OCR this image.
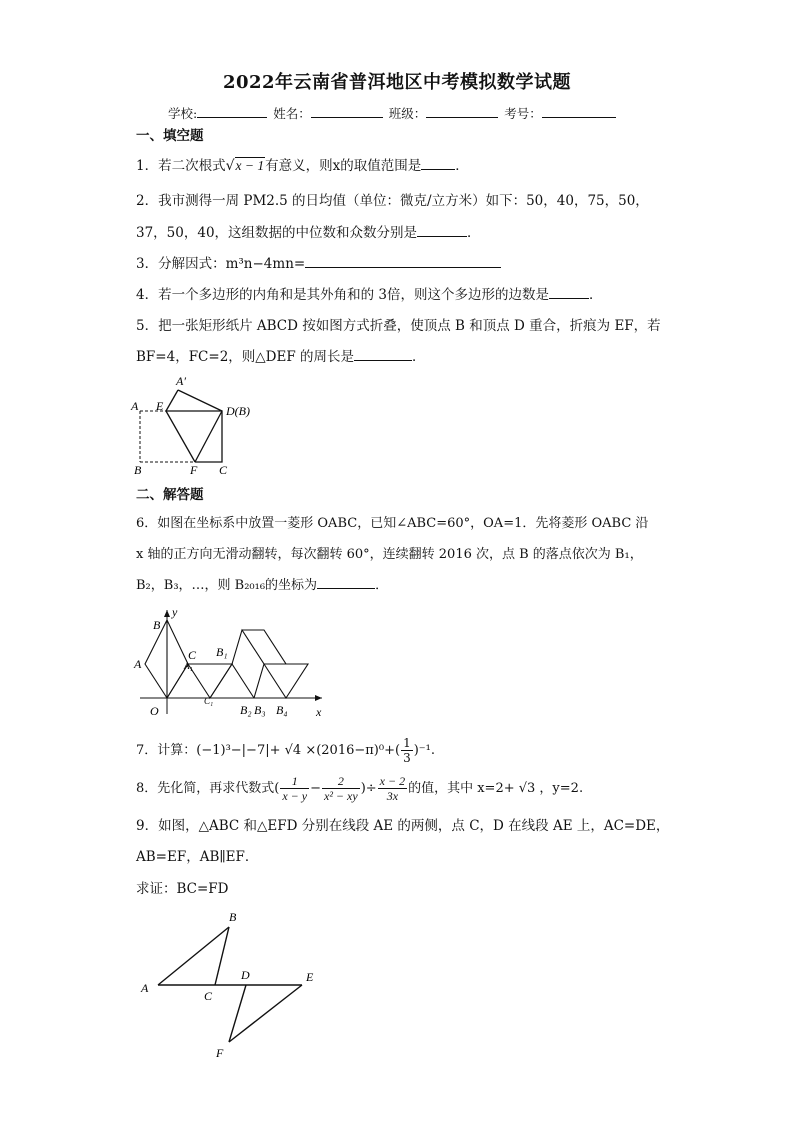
2022年云南省普洱地区中考模拟数学试题
学校:	姓名：	班级：	考号：
一、填空题
1．若二次根式√x − 1有意义，则x的取值范围是	．
2．我市测得一周 PM2.5 的日均值（单位：微克/立方米）如下：50，40，75，50，
37，50，40，这组数据的中位数和众数分别是	．
3．分解因式：m³n−4mn=
4．若一个多边形的内角和是其外角和的 3倍，则这个多边形的边数是	．
5．把一张矩形纸片 ABCD 按如图方式折叠，使顶点 B 和顶点 D 重合，折痕为 EF，若
BF=4，FC=2，则△DEF 的周长是	．
A′
A E	D(B)
B	F C
二、解答题
6．如图在坐标系中放置一菱形 OABC，已知∠ABC=60°，OA=1．先将菱形 OABC 沿
x 轴的正方向无滑动翻转，每次翻转 60°，连续翻转 2016 次，点 B 的落点依次为 B₁，
B₂，B₃，…，则 B₂₀₁₆的坐标为	．
y
x
O
A
B
C
A₁
C₁
B₁
B₂ B₃ B₄
7．计算：$(-1)^3-|-7|+ √4 \times(2016-\pi)^0+( \frac{1}{3} )^{-1}$.
8．先化简，再求代数式( $\frac{1}{x - y} - \frac{2}{\text{x² − xy}}$ )÷ $\frac{x - 2}{3x}$ 的值，其中 x=2+ √3 ，y=2.
9．如图，△ABC 和△EFD 分别在线段 AE 的两侧，点 C，D 在线段 AE 上，AC=DE，
AB=EF，AB∥EF．
求证：BC=FD
A
B
C
D	E
F
